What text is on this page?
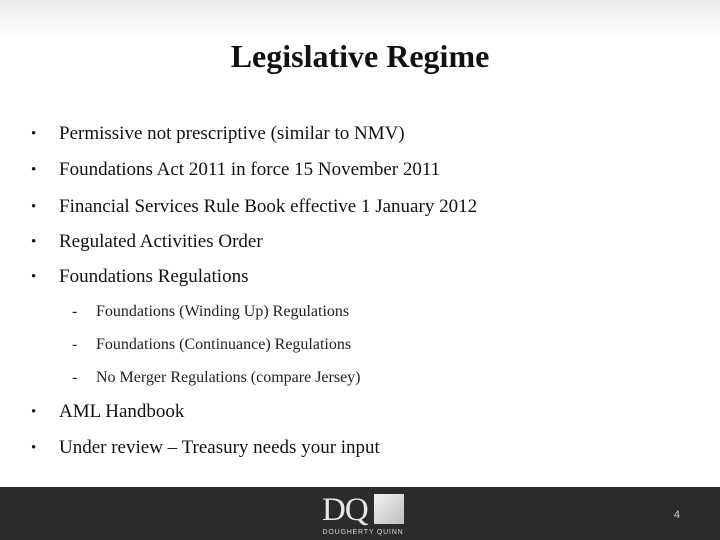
Legislative Regime
• Permissive not prescriptive (similar to NMV)
• Foundations Act 2011 in force 15 November 2011
• Financial Services Rule Book effective 1 January 2012
• Regulated Activities Order
• Foundations Regulations
- Foundations (Winding Up) Regulations
- Foundations (Continuance) Regulations
- No Merger Regulations (compare Jersey)
• AML Handbook
• Under review – Treasury needs your input
DQ
DOUGHERTY QUINN
4
